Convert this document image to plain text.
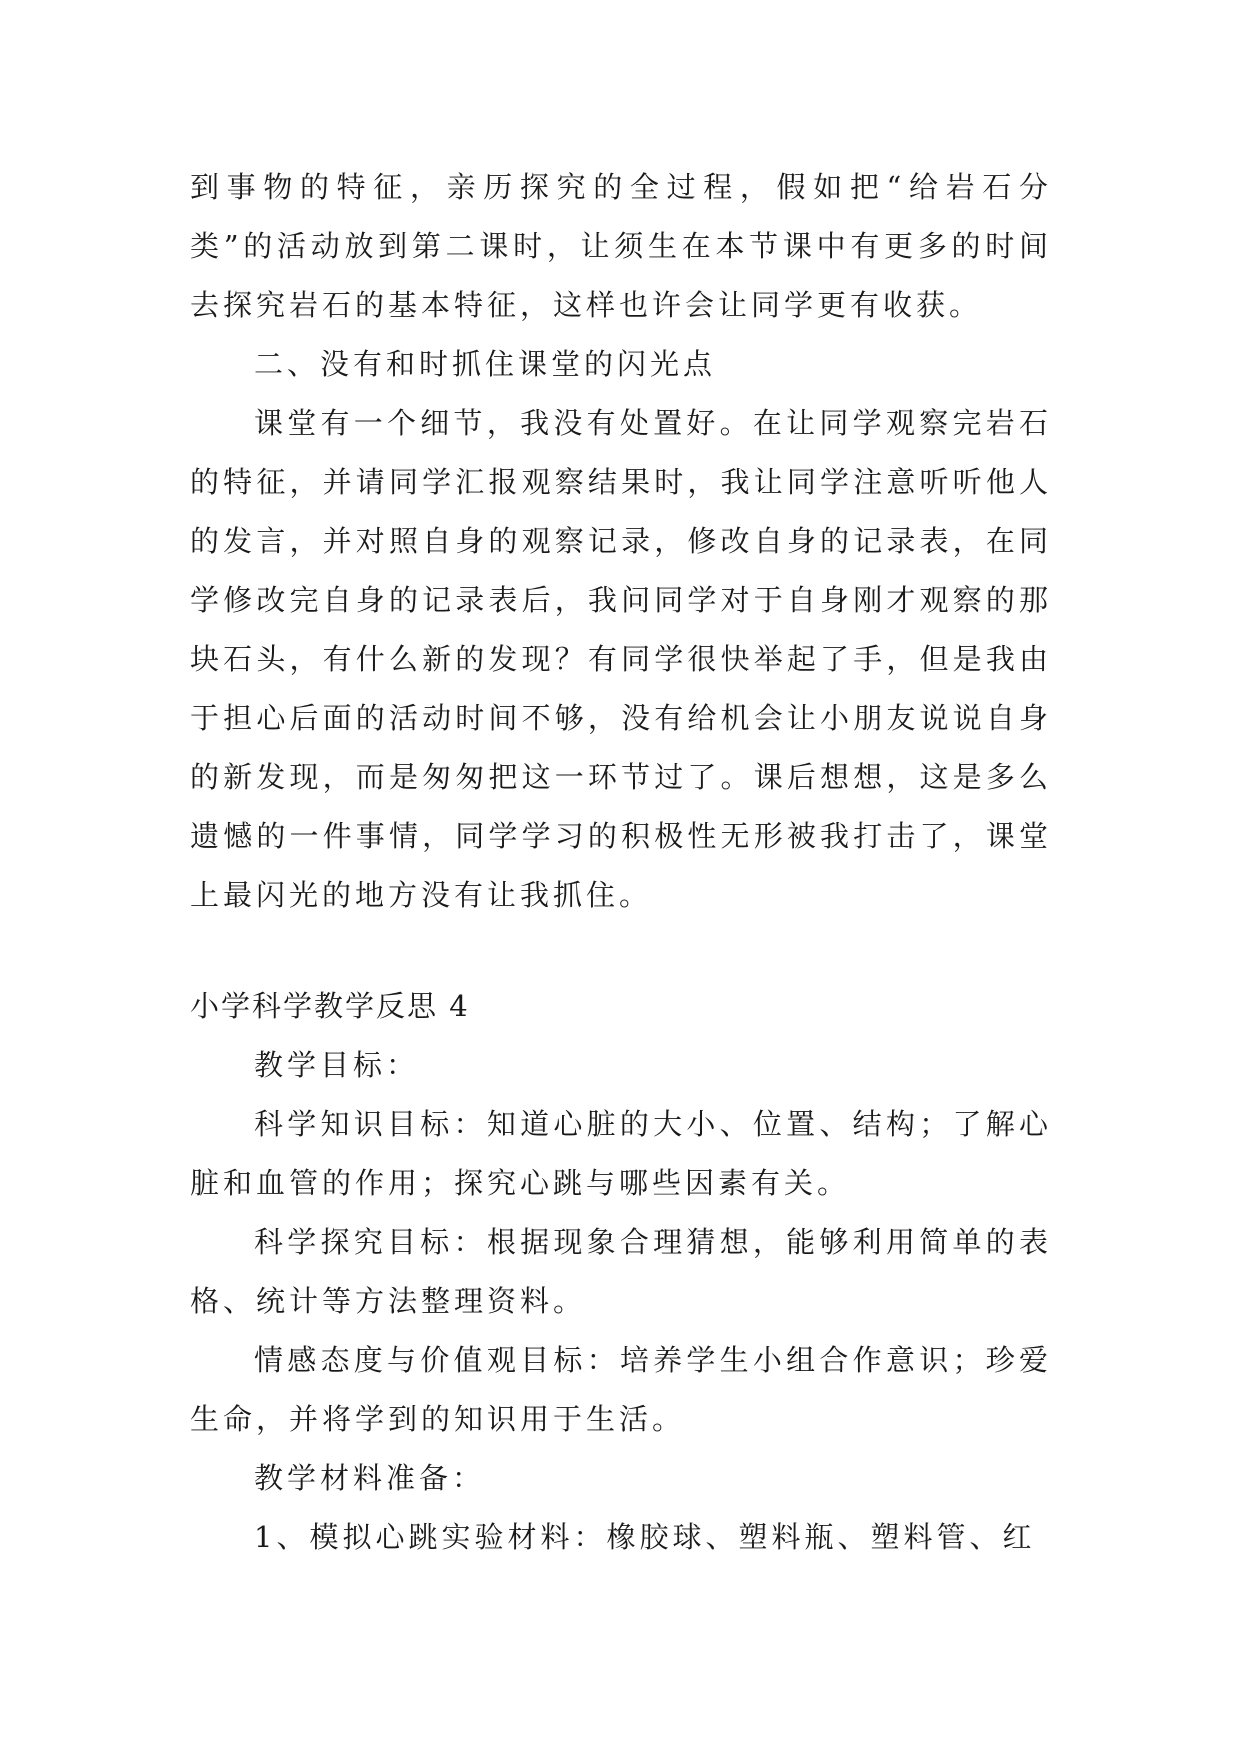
到事物的特征，亲历探究的全过程，假如把“给岩石分类”的活动放到第二课时，让须生在本节课中有更多的时间去探究岩石的基本特征，这样也许会让同学更有收获。

二、没有和时抓住课堂的闪光点

课堂有一个细节，我没有处置好。在让同学观察完岩石的特征，并请同学汇报观察结果时，我让同学注意听听他人的发言，并对照自身的观察记录，修改自身的记录表，在同学修改完自身的记录表后，我问同学对于自身刚才观察的那块石头，有什么新的发现？有同学很快举起了手，但是我由于担心后面的活动时间不够，没有给机会让小朋友说说自身的新发现，而是匆匆把这一环节过了。课后想想，这是多么遗憾的一件事情，同学学习的积极性无形被我打击了，课堂上最闪光的地方没有让我抓住。

小学科学教学反思 4

教学目标：

科学知识目标：知道心脏的大小、位置、结构；了解心脏和血管的作用；探究心跳与哪些因素有关。

科学探究目标：根据现象合理猜想，能够利用简单的表格、统计等方法整理资料。

情感态度与价值观目标：培养学生小组合作意识；珍爱生命，并将学到的知识用于生活。

教学材料准备：

1、模拟心跳实验材料：橡胶球、塑料瓶、塑料管、红
